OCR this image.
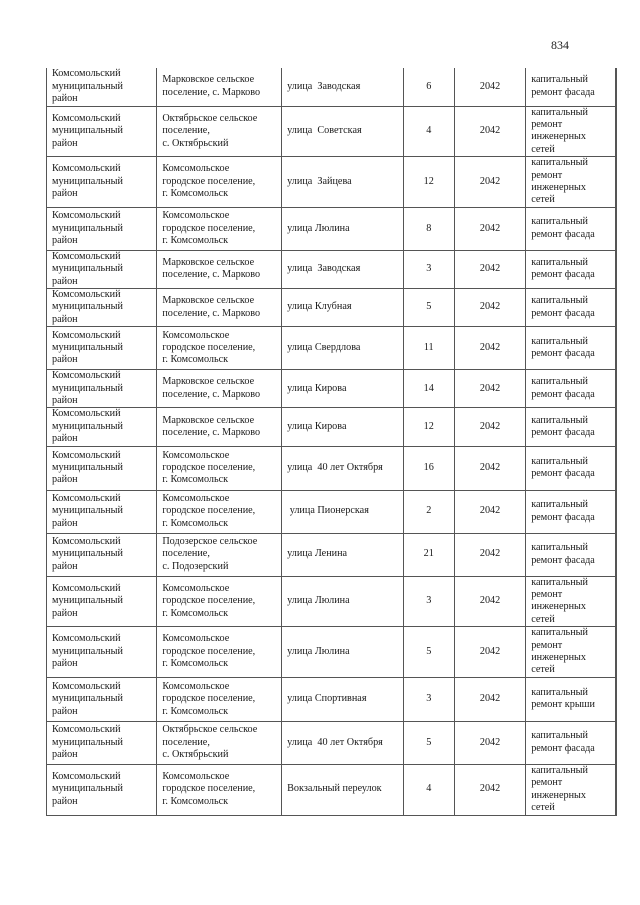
834
Комсомольский
муниципальный
район	Марковское сельское
поселение, с. Марково	улица  Заводская	6	2042	капитальный
ремонт фасада

Комсомольский
муниципальный
район	Октябрьское сельское
поселение,
с. Октябрьский	улица  Советская	4	2042	капитальный
ремонт
инженерных
сетей

Комсомольский
муниципальный
район	Комсомольское
городское поселение,
г. Комсомольск	улица  Зайцева	12	2042	капитальный
ремонт
инженерных
сетей

Комсомольский
муниципальный
район	Комсомольское
городское поселение,
г. Комсомольск	улица Люлина	8	2042	капитальный
ремонт фасада

Комсомольский
муниципальный
район	Марковское сельское
поселение, с. Марково	улица  Заводская	3	2042	капитальный
ремонт фасада

Комсомольский
муниципальный
район	Марковское сельское
поселение, с. Марково	улица Клубная	5	2042	капитальный
ремонт фасада

Комсомольский
муниципальный
район	Комсомольское
городское поселение,
г. Комсомольск	улица Свердлова	11	2042	капитальный
ремонт фасада

Комсомольский
муниципальный
район	Марковское сельское
поселение, с. Марково	улица Кирова	14	2042	капитальный
ремонт фасада

Комсомольский
муниципальный
район	Марковское сельское
поселение, с. Марково	улица Кирова	12	2042	капитальный
ремонт фасада

Комсомольский
муниципальный
район	Комсомольское
городское поселение,
г. Комсомольск	улица  40 лет Октября	16	2042	капитальный
ремонт фасада

Комсомольский
муниципальный
район	Комсомольское
городское поселение,
г. Комсомольск	улица Пионерская	2	2042	капитальный
ремонт фасада

Комсомольский
муниципальный
район	Подозерское сельское
поселение,
с. Подозерский	улица Ленина	21	2042	капитальный
ремонт фасада

Комсомольский
муниципальный
район	Комсомольское
городское поселение,
г. Комсомольск	улица Люлина	3	2042	капитальный
ремонт
инженерных
сетей

Комсомольский
муниципальный
район	Комсомольское
городское поселение,
г. Комсомольск	улица Люлина	5	2042	капитальный
ремонт
инженерных
сетей

Комсомольский
муниципальный
район	Комсомольское
городское поселение,
г. Комсомольск	улица Спортивная	3	2042	капитальный
ремонт крыши

Комсомольский
муниципальный
район	Октябрьское сельское
поселение,
с. Октябрьский	улица  40 лет Октября	5	2042	капитальный
ремонт фасада

Комсомольский
муниципальный
район	Комсомольское
городское поселение,
г. Комсомольск	Вокзальный переулок	4	2042	капитальный
ремонт
инженерных
сетей
